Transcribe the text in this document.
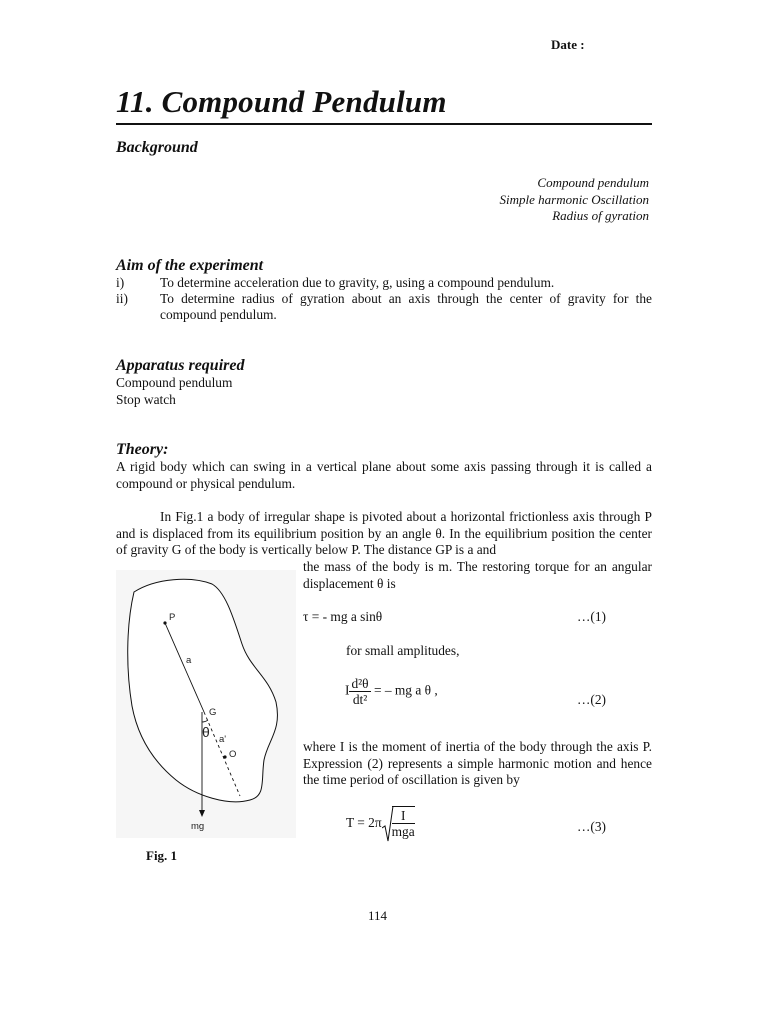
Date :
11. Compound Pendulum
Background
Compound pendulum
Simple harmonic Oscillation
Radius of gyration
Aim of the experiment
i)	To determine acceleration due to gravity, g, using a compound pendulum.
ii) To determine radius of gyration about an axis through the center of gravity for the compound pendulum.
Apparatus required
Compound pendulum
Stop watch
Theory:
A rigid body which can swing in a vertical plane about some axis passing through it is called a compound or physical pendulum.
In Fig.1 a body of irregular shape is pivoted about a horizontal frictionless axis through P and is displaced from its equilibrium position by an angle θ. In the equilibrium position the center of gravity G of the body is vertically below P. The distance GP is a and
the mass of the body is m. The restoring torque for an angular displacement θ is
τ = - mg a sinθ	…(1)
for small amplitudes,
I $\frac{\text{d²θ}}{\text{dt²}}$ = – mg a θ ,
…(2)
where I is the moment of inertia of the body through the axis P. Expression (2) represents a simple harmonic motion and hence the time period of oscillation is given by
$T = 2\pi \frac{I}{\text{mga}}$	…(3)
P
a
G
θ a'
O
mg
Fig. 1
114
